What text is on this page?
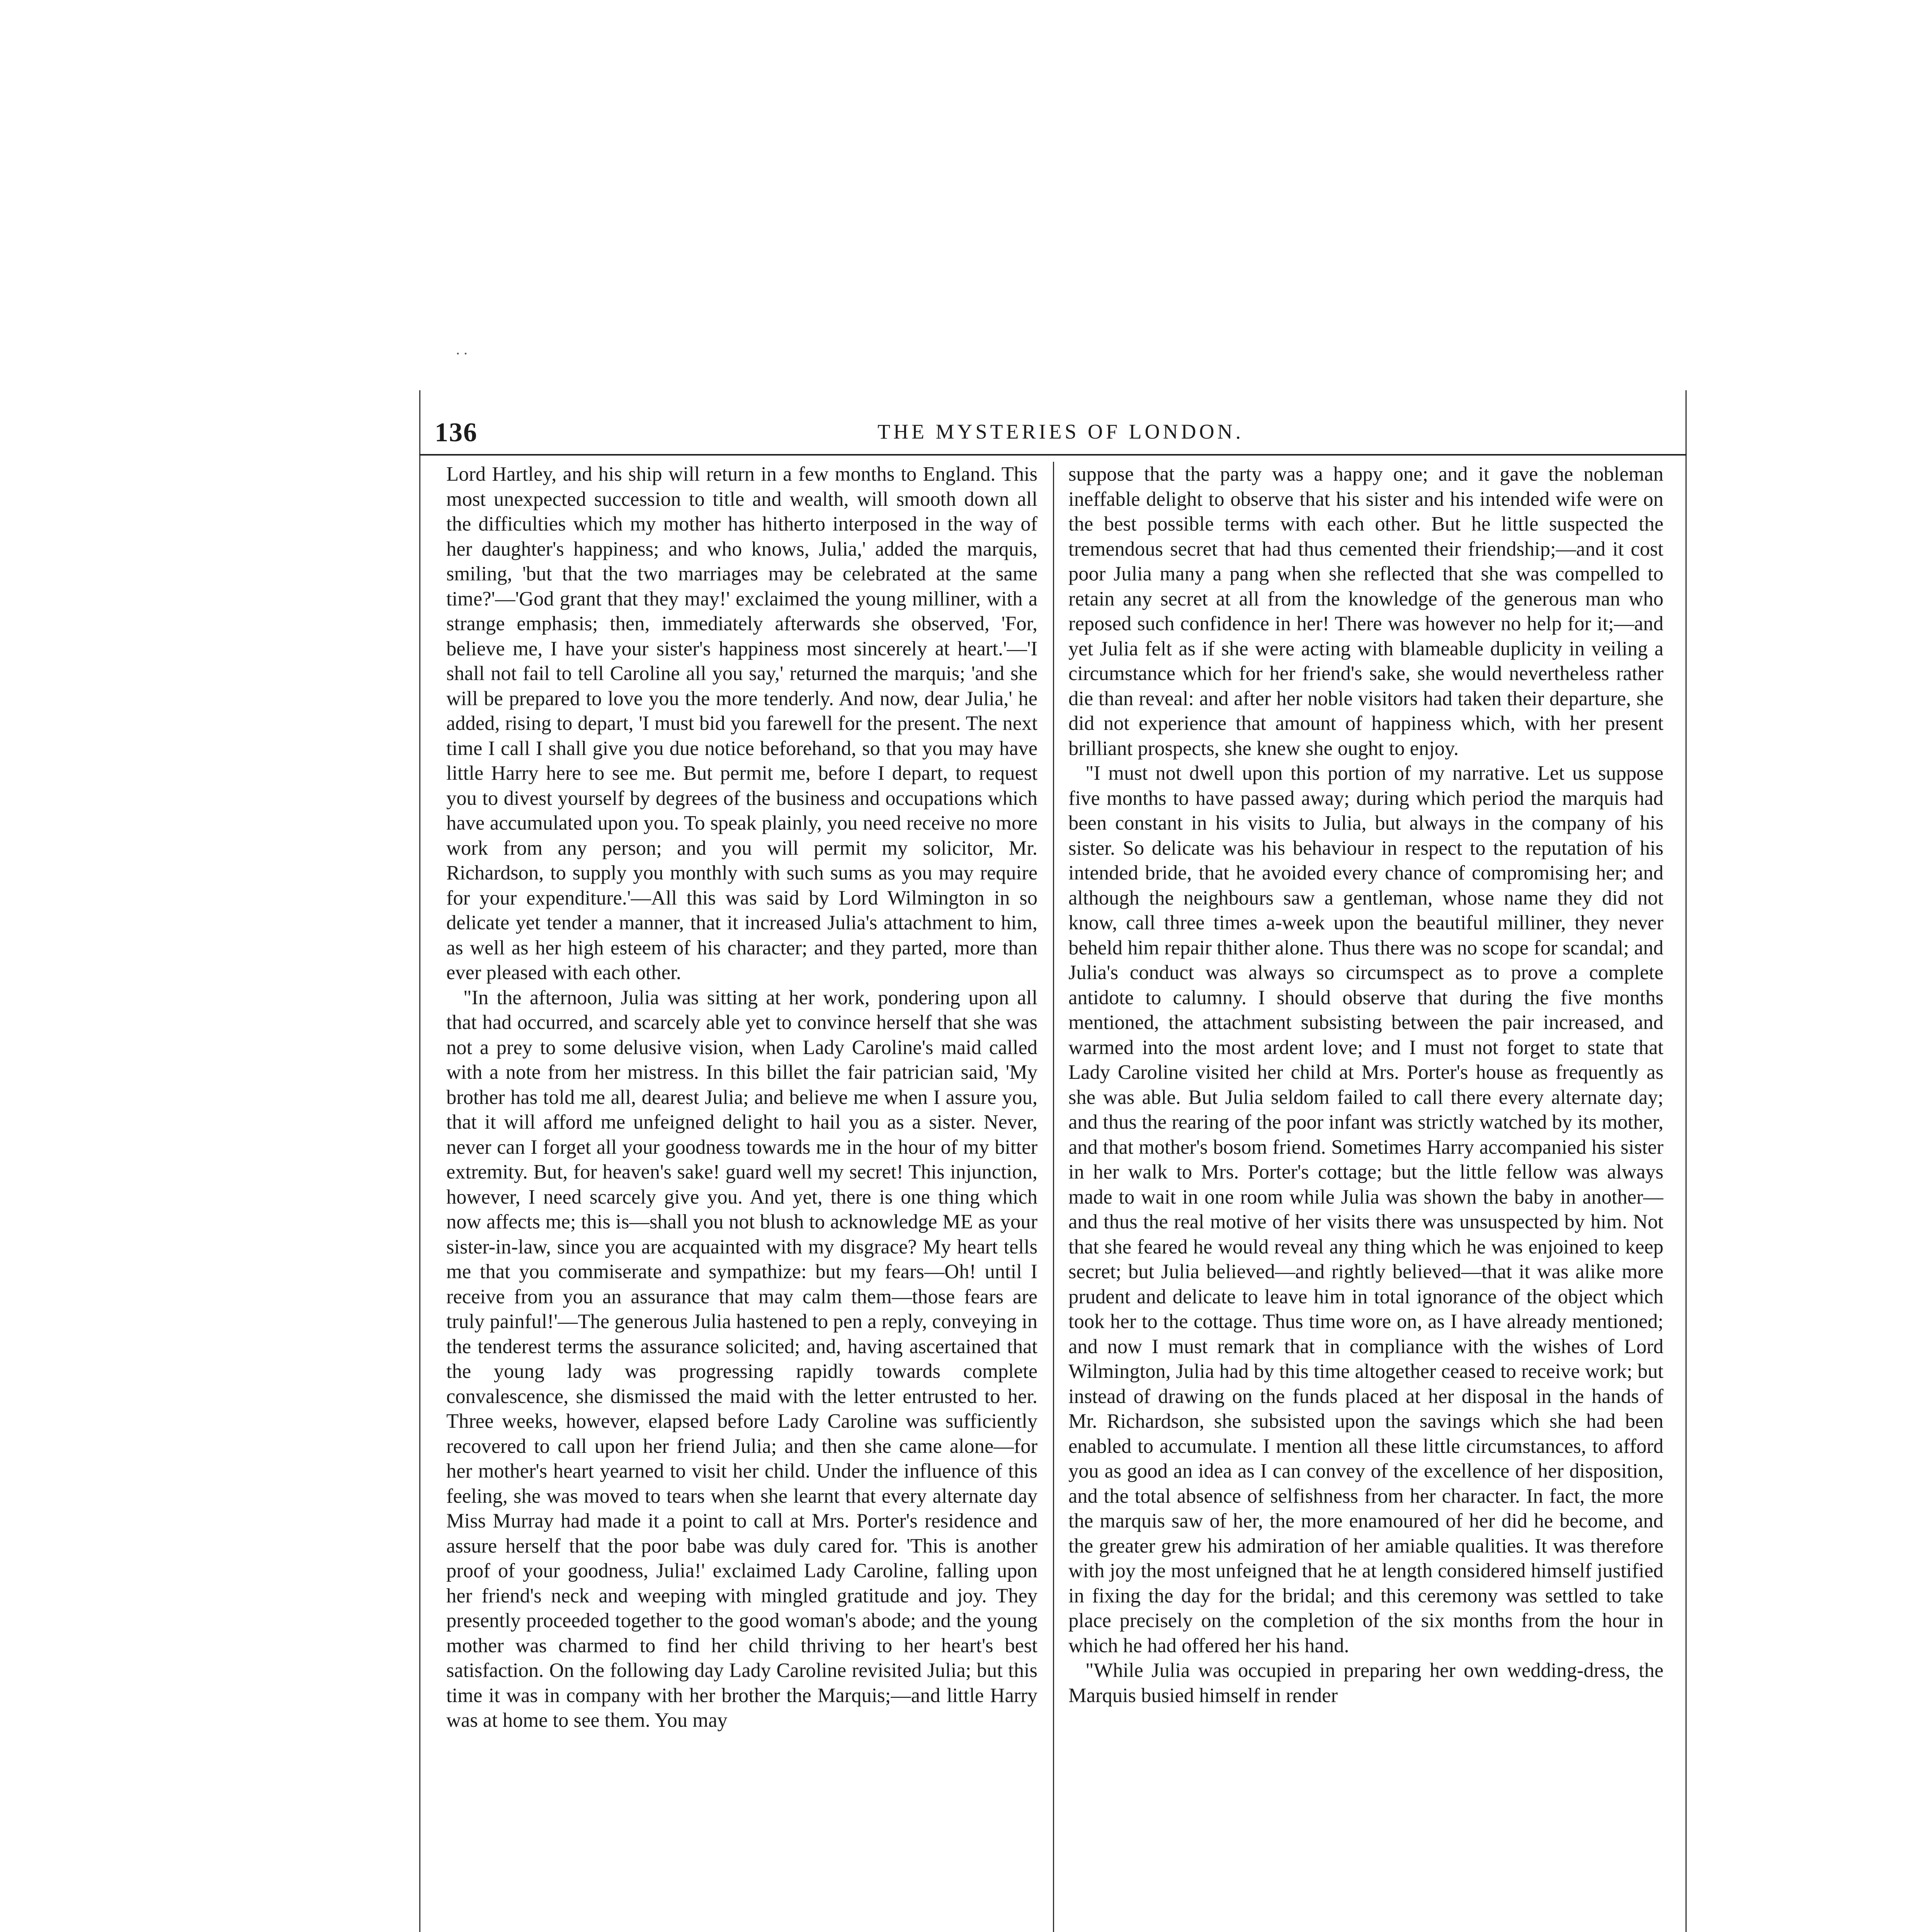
. .
136	THE MYSTERIES OF LONDON.

Lord Hartley, and his ship will return in a few months to England. This most unexpected succession to title and wealth, will smooth down all the difficulties which my mother has hitherto interposed in the way of her daughter's happiness; and who knows, Julia,' added the marquis, smiling, 'but that the two marriages may be celebrated at the same time?'—'God grant that they may!' exclaimed the young milliner, with a strange emphasis; then, immediately afterwards she observed, 'For, believe me, I have your sister's happiness most sincerely at heart.'—'I shall not fail to tell Caroline all you say,' returned the marquis; 'and she will be prepared to love you the more tenderly. And now, dear Julia,' he added, rising to depart, 'I must bid you farewell for the present. The next time I call I shall give you due notice beforehand, so that you may have little Harry here to see me. But permit me, before I depart, to request you to divest yourself by degrees of the business and occupations which have accumulated upon you. To speak plainly, you need receive no more work from any person; and you will permit my solicitor, Mr. Richardson, to supply you monthly with such sums as you may require for your expenditure.'—All this was said by Lord Wilmington in so delicate yet tender a manner, that it increased Julia's attachment to him, as well as her high esteem of his character; and they parted, more than ever pleased with each other.

"In the afternoon, Julia was sitting at her work, pondering upon all that had occurred, and scarcely able yet to convince herself that she was not a prey to some delusive vision, when Lady Caroline's maid called with a note from her mistress. In this billet the fair patrician said, 'My brother has told me all, dearest Julia; and believe me when I assure you, that it will afford me unfeigned delight to hail you as a sister. Never, never can I forget all your goodness towards me in the hour of my bitter extremity. But, for heaven's sake! guard well my secret! This injunction, however, I need scarcely give you. And yet, there is one thing which now affects me; this is—shall you not blush to acknowledge ME as your sister-in-law, since you are acquainted with my disgrace? My heart tells me that you commiserate and sympathize: but my fears—Oh! until I receive from you an assurance that may calm them—those fears are truly painful!'—The generous Julia hastened to pen a reply, conveying in the tenderest terms the assurance solicited; and, having ascertained that the young lady was progressing rapidly towards complete convalescence, she dismissed the maid with the letter entrusted to her. Three weeks, however, elapsed before Lady Caroline was sufficiently recovered to call upon her friend Julia; and then she came alone—for her mother's heart yearned to visit her child. Under the influence of this feeling, she was moved to tears when she learnt that every alternate day Miss Murray had made it a point to call at Mrs. Porter's residence and assure herself that the poor babe was duly cared for. 'This is another proof of your goodness, Julia!' exclaimed Lady Caroline, falling upon her friend's neck and weeping with mingled gratitude and joy. They presently proceeded together to the good woman's abode; and the young mother was charmed to find her child thriving to her heart's best satisfaction. On the following day Lady Caroline revisited Julia; but this time it was in company with her brother the Marquis;—and little Harry was at home to see them. You may

suppose that the party was a happy one; and it gave the nobleman ineffable delight to observe that his sister and his intended wife were on the best possible terms with each other. But he little suspected the tremendous secret that had thus cemented their friendship;—and it cost poor Julia many a pang when she reflected that she was compelled to retain any secret at all from the knowledge of the generous man who reposed such confidence in her! There was however no help for it;—and yet Julia felt as if she were acting with blameable duplicity in veiling a circumstance which for her friend's sake, she would nevertheless rather die than reveal: and after her noble visitors had taken their departure, she did not experience that amount of happiness which, with her present brilliant prospects, she knew she ought to enjoy.

"I must not dwell upon this portion of my narrative. Let us suppose five months to have passed away; during which period the marquis had been constant in his visits to Julia, but always in the company of his sister. So delicate was his behaviour in respect to the reputation of his intended bride, that he avoided every chance of compromising her; and although the neighbours saw a gentleman, whose name they did not know, call three times a-week upon the beautiful milliner, they never beheld him repair thither alone. Thus there was no scope for scandal; and Julia's conduct was always so circumspect as to prove a complete antidote to calumny. I should observe that during the five months mentioned, the attachment subsisting between the pair increased, and warmed into the most ardent love; and I must not forget to state that Lady Caroline visited her child at Mrs. Porter's house as frequently as she was able. But Julia seldom failed to call there every alternate day; and thus the rearing of the poor infant was strictly watched by its mother, and that mother's bosom friend. Sometimes Harry accompanied his sister in her walk to Mrs. Porter's cottage; but the little fellow was always made to wait in one room while Julia was shown the baby in another—and thus the real motive of her visits there was unsuspected by him. Not that she feared he would reveal any thing which he was enjoined to keep secret; but Julia believed—and rightly believed—that it was alike more prudent and delicate to leave him in total ignorance of the object which took her to the cottage. Thus time wore on, as I have already mentioned; and now I must remark that in compliance with the wishes of Lord Wilmington, Julia had by this time altogether ceased to receive work; but instead of drawing on the funds placed at her disposal in the hands of Mr. Richardson, she subsisted upon the savings which she had been enabled to accumulate. I mention all these little circumstances, to afford you as good an idea as I can convey of the excellence of her disposition, and the total absence of selfishness from her character. In fact, the more the marquis saw of her, the more enamoured of her did he become, and the greater grew his admiration of her amiable qualities. It was therefore with joy the most unfeigned that he at length considered himself justified in fixing the day for the bridal; and this ceremony was settled to take place precisely on the completion of the six months from the hour in which he had offered her his hand.

"While Julia was occupied in preparing her own wedding-dress, the Marquis busied himself in render
